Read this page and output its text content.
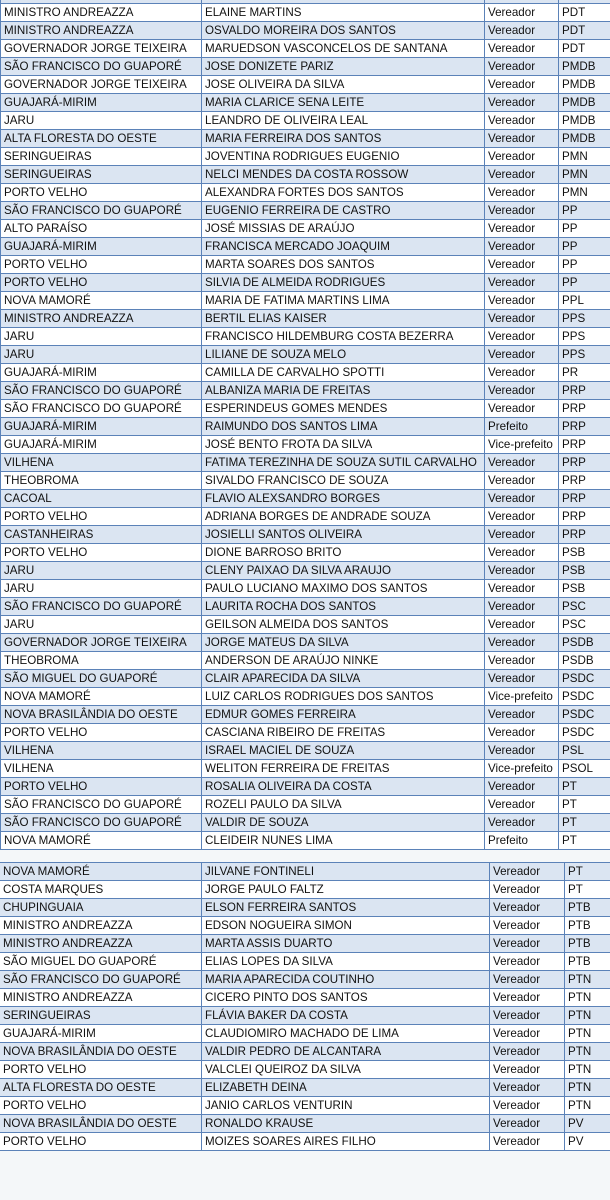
MINISTRO ANDREAZZA	ELAINE MARTINS	Vereador	PDT
MINISTRO ANDREAZZA	OSVALDO MOREIRA DOS SANTOS	Vereador	PDT
GOVERNADOR JORGE TEIXEIRA	MARUEDSON VASCONCELOS DE SANTANA	Vereador	PDT
SÃO FRANCISCO DO GUAPORÉ	JOSE DONIZETE PARIZ	Vereador	PMDB
GOVERNADOR JORGE TEIXEIRA	JOSE OLIVEIRA DA SILVA	Vereador	PMDB
GUAJARÁ-MIRIM	MARIA CLARICE SENA LEITE	Vereador	PMDB
JARU	LEANDRO DE OLIVEIRA LEAL	Vereador	PMDB
ALTA FLORESTA DO OESTE	MARIA FERREIRA DOS SANTOS	Vereador	PMDB
SERINGUEIRAS	JOVENTINA RODRIGUES EUGENIO	Vereador	PMN
SERINGUEIRAS	NELCI MENDES DA COSTA ROSSOW	Vereador	PMN
PORTO VELHO	ALEXANDRA FORTES DOS SANTOS	Vereador	PMN
SÃO FRANCISCO DO GUAPORÉ	EUGENIO FERREIRA DE CASTRO	Vereador	PP
ALTO PARAÍSO	JOSÉ MISSIAS DE ARAÚJO	Vereador	PP
GUAJARÁ-MIRIM	FRANCISCA MERCADO JOAQUIM	Vereador	PP
PORTO VELHO	MARTA SOARES DOS SANTOS	Vereador	PP
PORTO VELHO	SILVIA DE ALMEIDA RODRIGUES	Vereador	PP
NOVA MAMORÉ	MARIA DE FATIMA MARTINS LIMA	Vereador	PPL
MINISTRO ANDREAZZA	BERTIL ELIAS KAISER	Vereador	PPS
JARU	FRANCISCO HILDEMBURG COSTA BEZERRA	Vereador	PPS
JARU	LILIANE DE SOUZA MELO	Vereador	PPS
GUAJARÁ-MIRIM	CAMILLA DE CARVALHO SPOTTI	Vereador	PR
SÃO FRANCISCO DO GUAPORÉ	ALBANIZA MARIA DE FREITAS	Vereador	PRP
SÃO FRANCISCO DO GUAPORÉ	ESPERINDEUS GOMES MENDES	Vereador	PRP
GUAJARÁ-MIRIM	RAIMUNDO DOS SANTOS LIMA	Prefeito	PRP
GUAJARÁ-MIRIM	JOSÉ BENTO FROTA DA SILVA	Vice-prefeito	PRP
VILHENA	FATIMA TEREZINHA DE SOUZA SUTIL CARVALHO	Vereador	PRP
THEOBROMA	SIVALDO FRANCISCO DE SOUZA	Vereador	PRP
CACOAL	FLAVIO ALEXSANDRO BORGES	Vereador	PRP
PORTO VELHO	ADRIANA BORGES DE ANDRADE SOUZA	Vereador	PRP
CASTANHEIRAS	JOSIELLI SANTOS OLIVEIRA	Vereador	PRP
PORTO VELHO	DIONE BARROSO BRITO	Vereador	PSB
JARU	CLENY PAIXAO DA SILVA ARAUJO	Vereador	PSB
JARU	PAULO LUCIANO MAXIMO DOS SANTOS	Vereador	PSB
SÃO FRANCISCO DO GUAPORÉ	LAURITA ROCHA DOS SANTOS	Vereador	PSC
JARU	GEILSON ALMEIDA DOS SANTOS	Vereador	PSC
GOVERNADOR JORGE TEIXEIRA	JORGE MATEUS DA SILVA	Vereador	PSDB
THEOBROMA	ANDERSON DE ARAÚJO NINKE	Vereador	PSDB
SÃO MIGUEL DO GUAPORÉ	CLAIR APARECIDA DA SILVA	Vereador	PSDC
NOVA MAMORÉ	LUIZ CARLOS RODRIGUES DOS SANTOS	Vice-prefeito	PSDC
NOVA BRASILÂNDIA DO OESTE	EDMUR GOMES FERREIRA	Vereador	PSDC
PORTO VELHO	CASCIANA RIBEIRO DE FREITAS	Vereador	PSDC
VILHENA	ISRAEL MACIEL DE SOUZA	Vereador	PSL
VILHENA	WELITON FERREIRA DE FREITAS	Vice-prefeito	PSOL
PORTO VELHO	ROSALIA OLIVEIRA DA COSTA	Vereador	PT
SÃO FRANCISCO DO GUAPORÉ	ROZELI PAULO DA SILVA	Vereador	PT
SÃO FRANCISCO DO GUAPORÉ	VALDIR DE SOUZA	Vereador	PT
NOVA MAMORÉ	CLEIDEIR NUNES LIMA	Prefeito	PT
NOVA MAMORÉ	JILVANE FONTINELI	Vereador	PT
COSTA MARQUES	JORGE PAULO FALTZ	Vereador	PT
CHUPINGUAIA	ELSON FERREIRA SANTOS	Vereador	PTB
MINISTRO ANDREAZZA	EDSON NOGUEIRA SIMON	Vereador	PTB
MINISTRO ANDREAZZA	MARTA ASSIS DUARTO	Vereador	PTB
SÃO MIGUEL DO GUAPORÉ	ELIAS LOPES DA SILVA	Vereador	PTB
SÃO FRANCISCO DO GUAPORÉ	MARIA APARECIDA COUTINHO	Vereador	PTN
MINISTRO ANDREAZZA	CICERO PINTO DOS SANTOS	Vereador	PTN
SERINGUEIRAS	FLÁVIA BAKER DA COSTA	Vereador	PTN
GUAJARÁ-MIRIM	CLAUDIOMIRO MACHADO DE LIMA	Vereador	PTN
NOVA BRASILÂNDIA DO OESTE	VALDIR PEDRO DE ALCANTARA	Vereador	PTN
PORTO VELHO	VALCLEI QUEIROZ DA SILVA	Vereador	PTN
ALTA FLORESTA DO OESTE	ELIZABETH DEINA	Vereador	PTN
PORTO VELHO	JANIO CARLOS VENTURIN	Vereador	PTN
NOVA BRASILÂNDIA DO OESTE	RONALDO KRAUSE	Vereador	PV
PORTO VELHO	MOIZES SOARES AIRES FILHO	Vereador	PV
